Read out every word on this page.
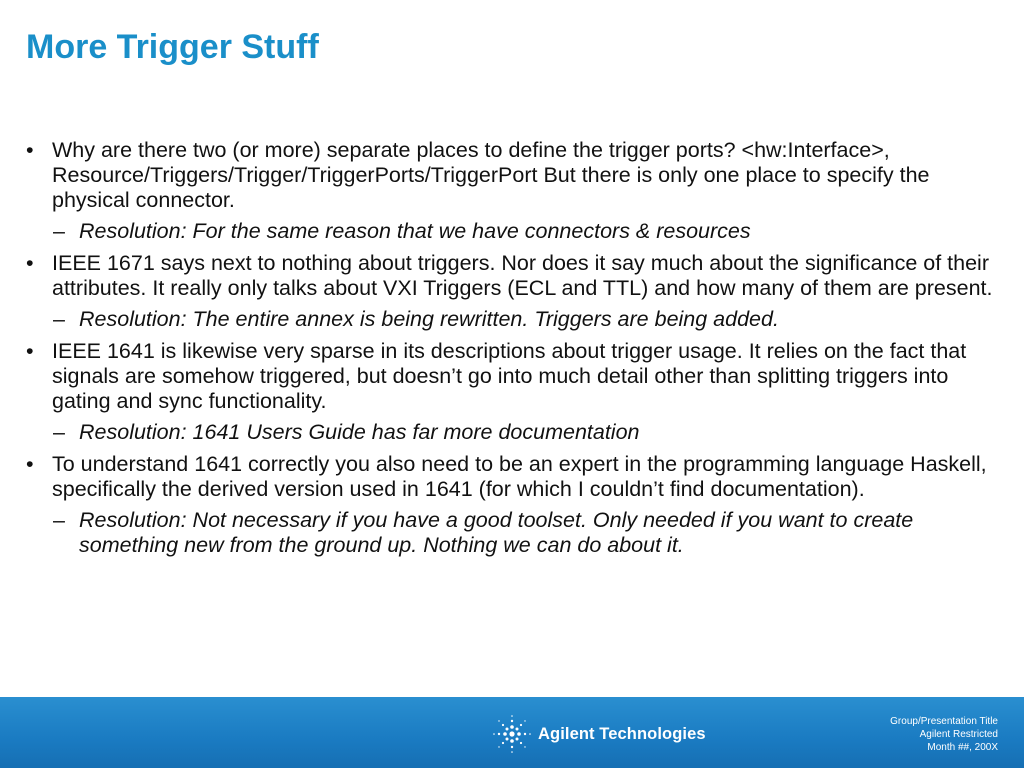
More Trigger Stuff
• Why are there two (or more) separate places to define the trigger ports? <hw:Interface>, Resource/Triggers/Trigger/TriggerPorts/TriggerPort But there is only one place to specify the physical connector.
– Resolution: For the same reason that we have connectors & resources
• IEEE 1671 says next to nothing about triggers. Nor does it say much about the significance of their attributes. It really only talks about VXI Triggers (ECL and TTL) and how many of them are present.
– Resolution: The entire annex is being rewritten. Triggers are being added.
• IEEE 1641 is likewise very sparse in its descriptions about trigger usage. It relies on the fact that signals are somehow triggered, but doesn’t go into much detail other than splitting triggers into gating and sync functionality.
– Resolution: 1641 Users Guide has far more documentation
• To understand 1641 correctly you also need to be an expert in the programming language Haskell, specifically the derived version used in 1641 (for which I couldn’t find documentation).
– Resolution: Not necessary if you have a good toolset. Only needed if you want to create something new from the ground up. Nothing we can do about it.
Agilent Technologies
Group/Presentation Title
Agilent Restricted
Month ##, 200X
